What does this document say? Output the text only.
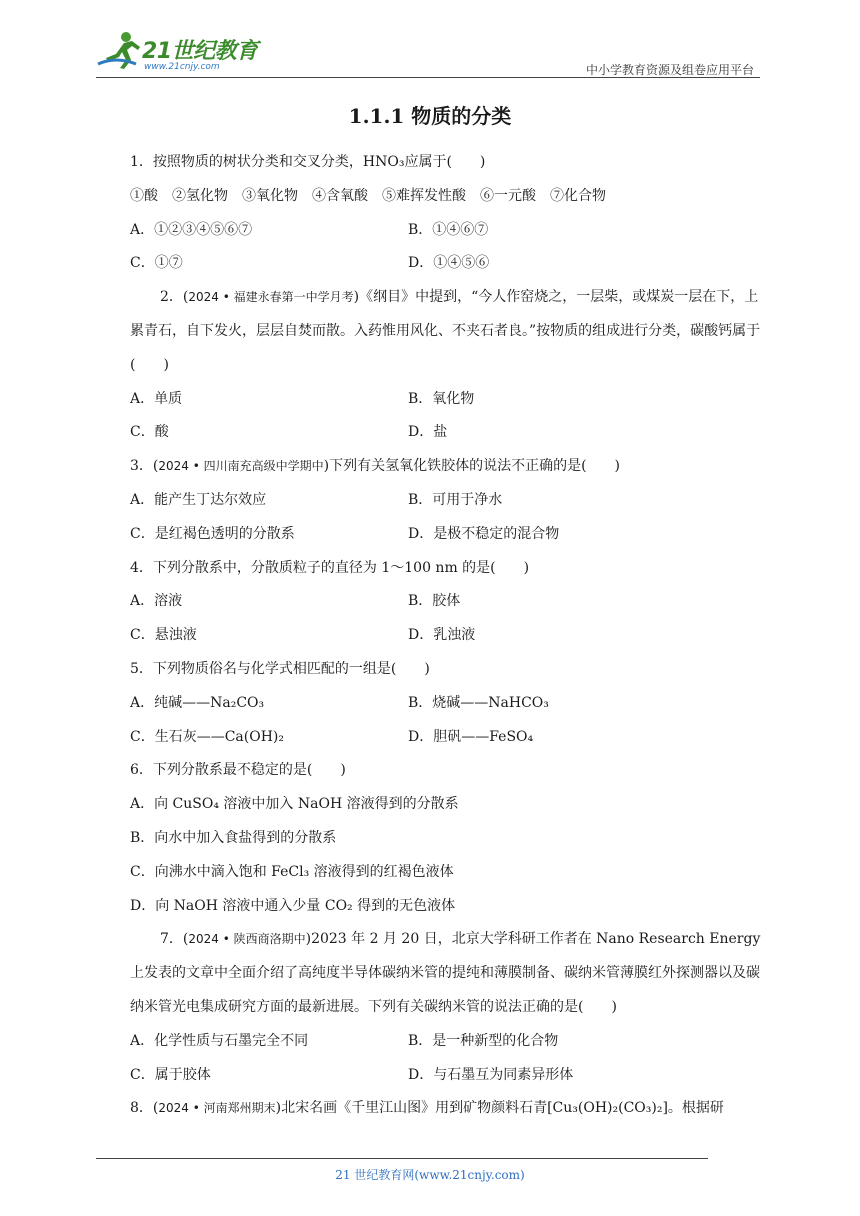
21世纪教育
www.21cnjy.com	中小学教育资源及组卷应用平台
1.1.1 物质的分类
1．按照物质的树状分类和交叉分类，HNO₃应属于(　　)
①酸　②氢化物　③氧化物　④含氧酸　⑤难挥发性酸　⑥一元酸　⑦化合物
A．①②③④⑤⑥⑦	B．①④⑥⑦
C．①⑦	D．①④⑤⑥
2．(2024 • 福建永春第一中学月考)《纲目》中提到，“今人作窑烧之，一层柴，或煤炭一层在下，上累青石，自下发火，层层自焚而散。入药惟用风化、不夹石者良。”按物质的组成进行分类，碳酸钙属于(　　)
A．单质	B．氧化物
C．酸	D．盐
3．(2024 • 四川南充高级中学期中)下列有关氢氧化铁胶体的说法不正确的是(　　)
A．能产生丁达尔效应	B．可用于净水
C．是红褐色透明的分散系	D．是极不稳定的混合物
4．下列分散系中，分散质粒子的直径为 1～100 nm 的是(　　)
A．溶液	B．胶体
C．悬浊液	D．乳浊液
5．下列物质俗名与化学式相匹配的一组是(　　)
A．纯碱——Na₂CO₃	B．烧碱——NaHCO₃
C．生石灰——Ca(OH)₂	D．胆矾——FeSO₄
6．下列分散系最不稳定的是(　　)
A．向 CuSO₄ 溶液中加入 NaOH 溶液得到的分散系
B．向水中加入食盐得到的分散系
C．向沸水中滴入饱和 FeCl₃ 溶液得到的红褐色液体
D．向 NaOH 溶液中通入少量 CO₂ 得到的无色液体
7．(2024 • 陕西商洛期中)2023 年 2 月 20 日，北京大学科研工作者在 Nano Research Energy 上发表的文章中全面介绍了高纯度半导体碳纳米管的提纯和薄膜制备、碳纳米管薄膜红外探测器以及碳纳米管光电集成研究方面的最新进展。下列有关碳纳米管的说法正确的是(　　)
A．化学性质与石墨完全不同	B．是一种新型的化合物
C．属于胶体	D．与石墨互为同素异形体
8．(2024 • 河南郑州期末)北宋名画《千里江山图》用到矿物颜料石青[Cu₃(OH)₂(CO₃)₂]。根据研
21 世纪教育网(www.21cnjy.com)
